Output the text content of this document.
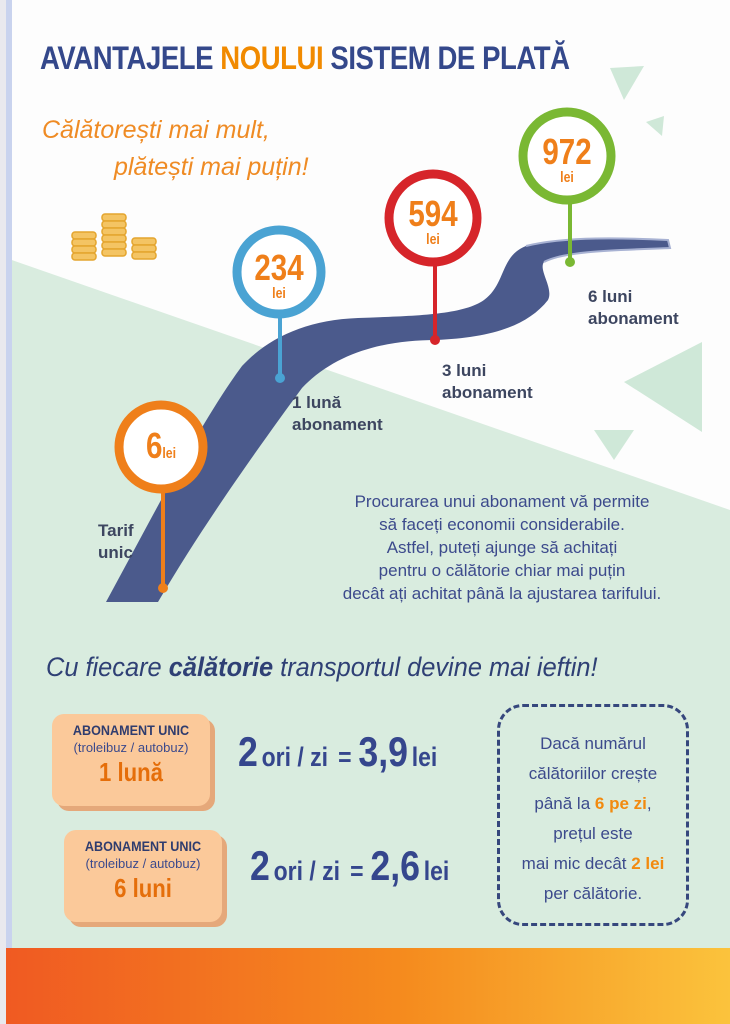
AVANTAJELE NOULUI SISTEM DE PLATĂ
Călătorești mai mult,
plătești mai puțin!
6lei
234
lei
594
lei
972
lei
Tarif
unic
1 lună
abonament
3 luni
abonament
6 luni
abonament
Procurarea unui abonament vă permite
să faceți economii considerabile.
Astfel, puteți ajunge să achitați
pentru o călătorie chiar mai puțin
decât ați achitat până la ajustarea tarifului.
Cu fiecare călătorie transportul devine mai ieftin!
ABONAMENT UNIC
(troleibuz / autobuz)
1 lună	2 ori / zi = 3,9 lei
ABONAMENT UNIC
(troleibuz / autobuz)
6 luni	2 ori / zi = 2,6 lei
Dacă numărul
călătoriilor crește
până la 6 pe zi,
prețul este
mai mic decât 2 lei
per călătorie.
